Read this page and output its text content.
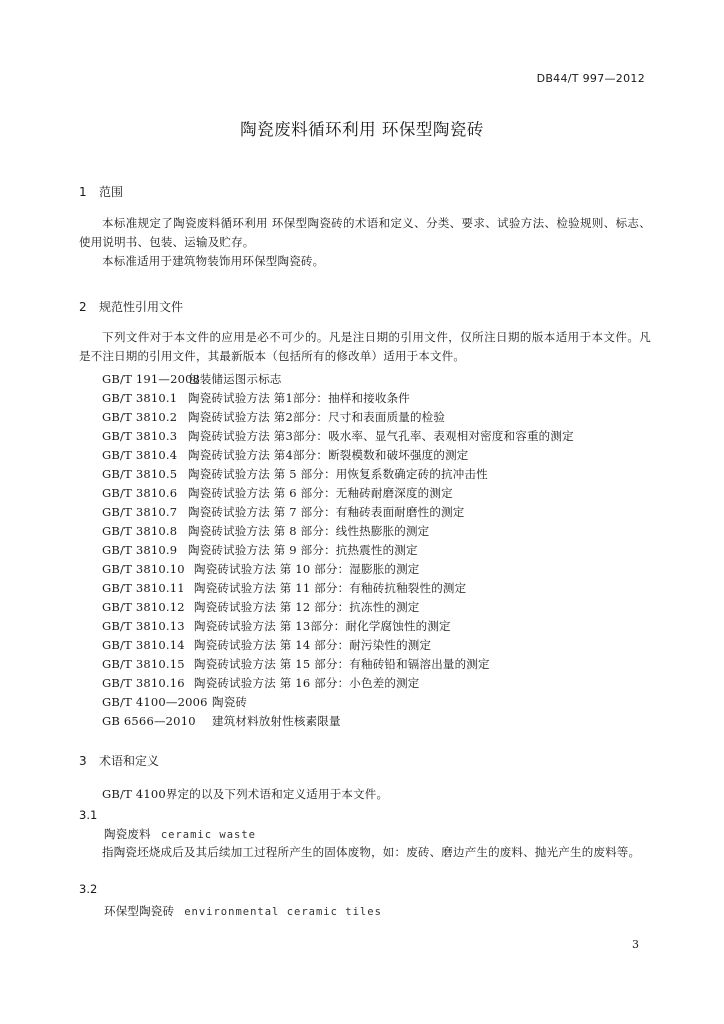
DB44/T 997—2012
陶瓷废料循环利用 环保型陶瓷砖
1 范围

本标准规定了陶瓷废料循环利用 环保型陶瓷砖的术语和定义、分类、要求、试验方法、检验规则、标志、使用说明书、包装、运输及贮存。

本标准适用于建筑物装饰用环保型陶瓷砖。

2 规范性引用文件

下列文件对于本文件的应用是必不可少的。凡是注日期的引用文件，仅所注日期的版本适用于本文件。凡是不注日期的引用文件，其最新版本（包括所有的修改单）适用于本文件。

GB/T 191—2008包装储运图示标志
GB/T 3810.1 陶瓷砖试验方法 第1部分：抽样和接收条件
GB/T 3810.2 陶瓷砖试验方法 第2部分：尺寸和表面质量的检验
GB/T 3810.3 陶瓷砖试验方法 第3部分：吸水率、显气孔率、表观相对密度和容重的测定
GB/T 3810.4 陶瓷砖试验方法 第4部分：断裂模数和破坏强度的测定
GB/T 3810.5 陶瓷砖试验方法 第 5 部分：用恢复系数确定砖的抗冲击性
GB/T 3810.6 陶瓷砖试验方法 第 6 部分：无釉砖耐磨深度的测定
GB/T 3810.7 陶瓷砖试验方法 第 7 部分：有釉砖表面耐磨性的测定
GB/T 3810.8 陶瓷砖试验方法 第 8 部分：线性热膨胀的测定
GB/T 3810.9 陶瓷砖试验方法 第 9 部分：抗热震性的测定
GB/T 3810.10 陶瓷砖试验方法 第 10 部分：湿膨胀的测定
GB/T 3810.11 陶瓷砖试验方法 第 11 部分：有釉砖抗釉裂性的测定
GB/T 3810.12 陶瓷砖试验方法 第 12 部分：抗冻性的测定
GB/T 3810.13 陶瓷砖试验方法 第 13部分：耐化学腐蚀性的测定
GB/T 3810.14 陶瓷砖试验方法 第 14 部分：耐污染性的测定
GB/T 3810.15 陶瓷砖试验方法 第 15 部分：有釉砖铅和镉溶出量的测定
GB/T 3810.16 陶瓷砖试验方法 第 16 部分：小色差的测定
GB/T 4100—2006 陶瓷砖
GB 6566—2010 建筑材料放射性核素限量
3 术语和定义

GB/T 4100界定的以及下列术语和定义适用于本文件。

3.1
陶瓷废料 ceramic waste

指陶瓷坯烧成后及其后续加工过程所产生的固体废物，如：废砖、磨边产生的废料、抛光产生的废料等。

3.2
环保型陶瓷砖 environmental ceramic tiles
3
